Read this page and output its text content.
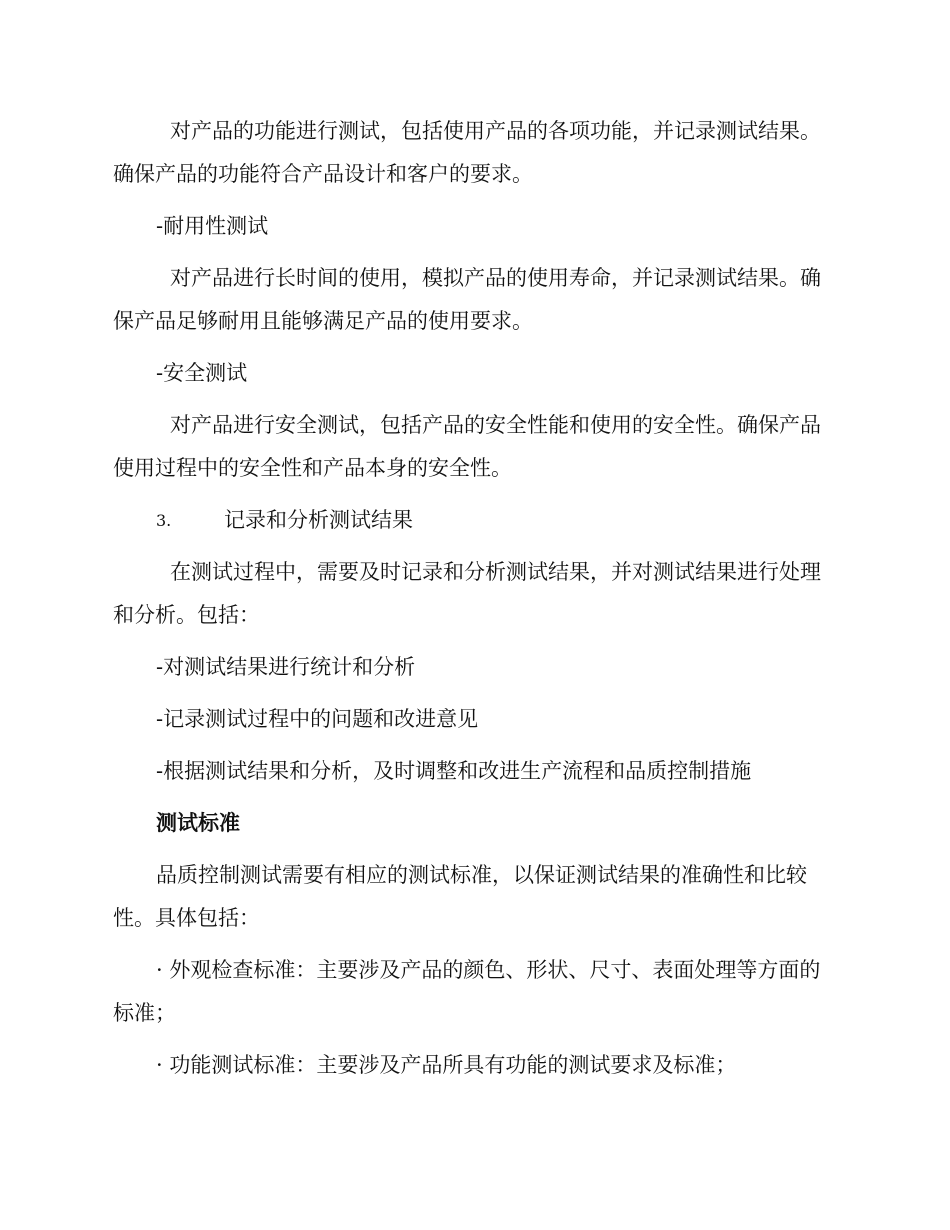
对产品的功能进行测试，包括使用产品的各项功能，并记录测试结果。确保产品的功能符合产品设计和客户的要求。

-耐用性测试

对产品进行长时间的使用，模拟产品的使用寿命，并记录测试结果。确保产品足够耐用且能够满足产品的使用要求。

-安全测试

对产品进行安全测试，包括产品的安全性能和使用的安全性。确保产品使用过程中的安全性和产品本身的安全性。

3.	记录和分析测试结果

在测试过程中，需要及时记录和分析测试结果，并对测试结果进行处理和分析。包括：

-对测试结果进行统计和分析

-记录测试过程中的问题和改进意见

-根据测试结果和分析，及时调整和改进生产流程和品质控制措施

测试标准

品质控制测试需要有相应的测试标准，以保证测试结果的准确性和比较性。具体包括：

· 外观检查标准：主要涉及产品的颜色、形状、尺寸、表面处理等方面的标准；

· 功能测试标准：主要涉及产品所具有功能的测试要求及标准；
